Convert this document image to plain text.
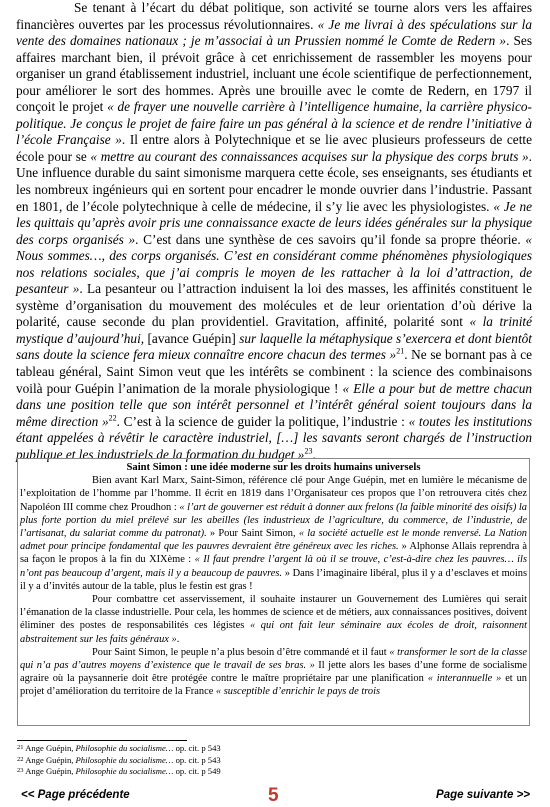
Se tenant à l’écart du débat politique, son activité se tourne alors vers les affaires financières ouvertes par les processus révolutionnaires. « Je me livrai à des spéculations sur la vente des domaines nationaux ; je m’associai à un Prussien nommé le Comte de Redern ». Ses affaires marchant bien, il prévoit grâce à cet enrichissement de rassembler les moyens pour organiser un grand établissement industriel, incluant une école scientifique de perfectionnement, pour améliorer le sort des hommes. Après une brouille avec le comte de Redern, en 1797 il conçoit le projet « de frayer une nouvelle carrière à l’intelligence humaine, la carrière physico-politique. Je conçus le projet de faire faire un pas général à la science et de rendre l’initiative à l’école Française ». Il entre alors à Polytechnique et se lie avec plusieurs professeurs de cette école pour se « mettre au courant des connaissances acquises sur la physique des corps bruts ». Une influence durable du saint simonisme marquera cette école, ses enseignants, ses étudiants et les nombreux ingénieurs qui en sortent pour encadrer le monde ouvrier dans l’industrie. Passant en 1801, de l’école polytechnique à celle de médecine, il s’y lie avec les physiologistes. « Je ne les quittais qu’après avoir pris une connaissance exacte de leurs idées générales sur la physique des corps organisés ». C’est dans une synthèse de ces savoirs qu’il fonde sa propre théorie. « Nous sommes…, des corps organisés. C’est en considérant comme phénomènes physiologiques nos relations sociales, que j’ai compris le moyen de les rattacher à la loi d’attraction, de pesanteur ». La pesanteur ou l’attraction induisent la loi des masses, les affinités constituent le système d’organisation du mouvement des molécules et de leur orientation d’où dérive la polarité, cause seconde du plan providentiel. Gravitation, affinité, polarité sont « la trinité mystique d’aujourd’hui, [avance Guépin] sur laquelle la métaphysique s’exercera et dont bientôt sans doute la science fera mieux connaître encore chacun des termes »$^{21}$. Ne se bornant pas à ce tableau général, Saint Simon veut que les intérêts se combinent : la science des combinaisons voilà pour Guépin l’animation de la morale physiologique ! « Elle a pour but de mettre chacun dans une position telle que son intérêt personnel et l’intérêt général soient toujours dans la même direction »$^{22}$. C’est à la science de guider la politique, l’industrie : « toutes les institutions étant appelées à révêtir le caractère industriel, […] les savants seront chargés de l’instruction publique et les industriels de la formation du budget »$^{23}$.

Saint Simon : une idée moderne sur les droits humains universels

Bien avant Karl Marx, Saint-Simon, référence clé pour Ange Guépin, met en lumière le mécanisme de l’exploitation de l’homme par l’homme. Il écrit en 1819 dans l’Organisateur ces propos que l’on retrouvera cités chez Napoléon III comme chez Proudhon : « l’art de gouverner est réduit à donner aux frelons (la faible minorité des oisifs) la plus forte portion du miel prélevé sur les abeilles (les industrieux de l’agriculture, du commerce, de l’industrie, de l’artisanat, du salariat comme du patronat). » Pour Saint Simon, « la société actuelle est le monde renversé. La Nation admet pour principe fondamental que les pauvres devraient être généreux avec les riches. » Alphonse Allais reprendra à sa façon le propos à la fin du XIXème : « Il faut prendre l’argent là où il se trouve, c’est-à-dire chez les pauvres… ils n’ont pas beaucoup d’argent, mais il y a beaucoup de pauvres. » Dans l’imaginaire libéral, plus il y a d’esclaves et moins il y a d’invités autour de la table, plus le festin est gras !

Pour combattre cet asservissement, il souhaite instaurer un Gouvernement des Lumières qui serait l’émanation de la classe industrielle. Pour cela, les hommes de science et de métiers, aux connaissances positives, doivent éliminer des postes de responsabilités ces légistes « qui ont fait leur séminaire aux écoles de droit, raisonnent abstraitement sur les faits généraux ».

Pour Saint Simon, le peuple n’a plus besoin d’être commandé et il faut « transformer le sort de la classe qui n’a pas d’autres moyens d’existence que le travail de ses bras. » Il jette alors les bases d’une forme de socialisme agraire où la paysannerie doit être protégée contre le maître propriétaire par une planification « interannuelle » et un projet d’amélioration du territoire de la France « susceptible d’enrichir le pays de trois

$^{21}$ Ange Guépin, Philosophie du socialisme… op. cit. p 543
$^{22}$ Ange Guépin, Philosophie du socialisme… op. cit. p 543
$^{23}$ Ange Guépin, Philosophie du socialisme… op. cit. p 549
<< Page précédente	5	Page suivante >>
